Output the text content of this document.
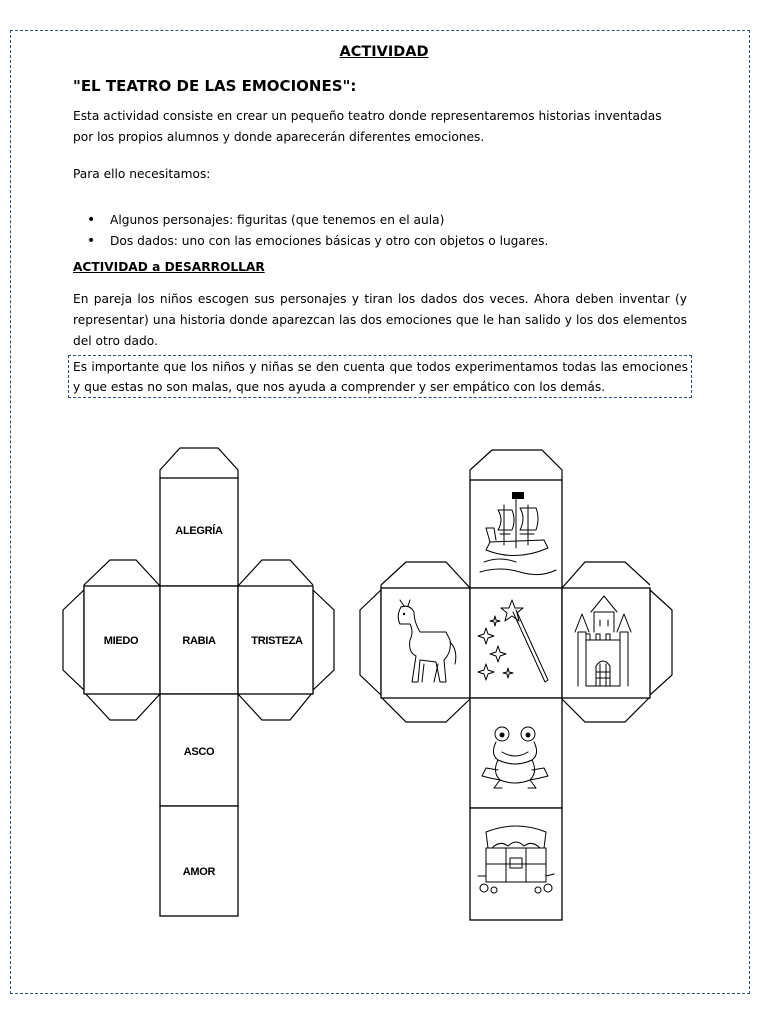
ACTIVIDAD
"EL TEATRO DE LAS EMOCIONES":
Esta actividad consiste en crear un pequeño teatro donde representaremos historias inventadas
por los propios alumnos y donde aparecerán diferentes emociones.
Para ello necesitamos:
• Algunos personajes: figuritas (que tenemos en el aula)
• Dos dados: uno con las emociones básicas y otro con objetos o lugares.
ACTIVIDAD a DESARROLLAR
En pareja los niños escogen sus personajes y tiran los dados dos veces. Ahora deben inventar (y representar) una historia donde aparezcan las dos emociones que le han salido y los dos elementos del otro dado.
Es importante que los niños y niñas se den cuenta que todos experimentamos todas las emociones y que estas no son malas, que nos ayuda a comprender y ser empático con los demás.
ALEGRÍA
MIEDO	RABIA	TRISTEZA
ASCO
AMOR
